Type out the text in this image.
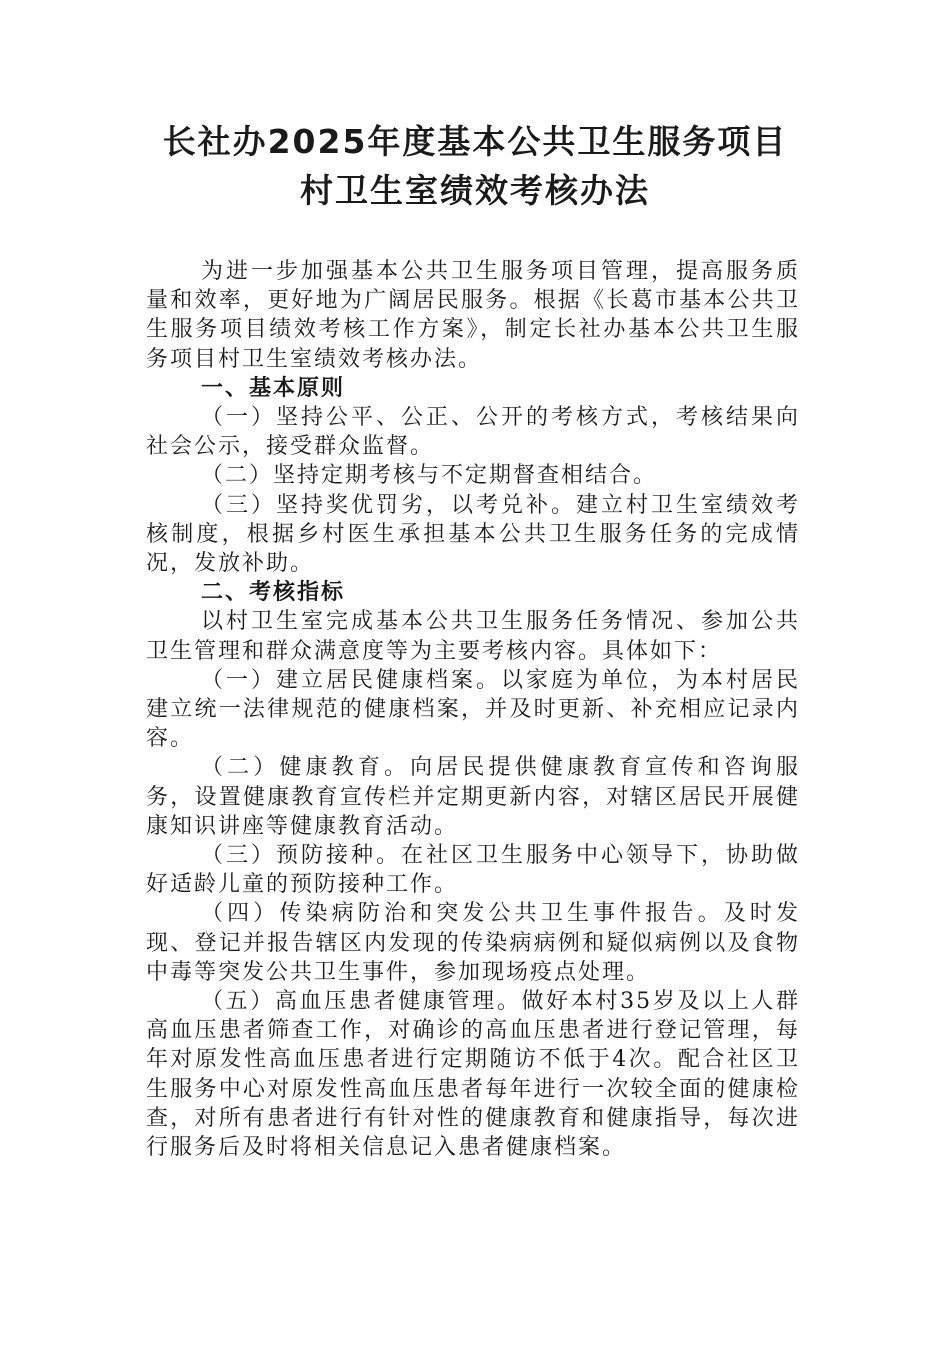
长社办2025年度基本公共卫生服务项目
村卫生室绩效考核办法

为进一步加强基本公共卫生服务项目管理，提高服务质量和效率，更好地为广阔居民服务。根据《长葛市基本公共卫生服务项目绩效考核工作方案》，制定长社办基本公共卫生服务项目村卫生室绩效考核办法。

一、基本原则

（一）坚持公平、公正、公开的考核方式，考核结果向社会公示，接受群众监督。

（二）坚持定期考核与不定期督查相结合。

（三）坚持奖优罚劣，以考兑补。建立村卫生室绩效考核制度，根据乡村医生承担基本公共卫生服务任务的完成情况，发放补助。

二、考核指标

以村卫生室完成基本公共卫生服务任务情况、参加公共卫生管理和群众满意度等为主要考核内容。具体如下：

（一）建立居民健康档案。以家庭为单位，为本村居民建立统一法律规范的健康档案，并及时更新、补充相应记录内容。

（二）健康教育。向居民提供健康教育宣传和咨询服务，设置健康教育宣传栏并定期更新内容，对辖区居民开展健康知识讲座等健康教育活动。

（三）预防接种。在社区卫生服务中心领导下，协助做好适龄儿童的预防接种工作。

（四）传染病防治和突发公共卫生事件报告。及时发现、登记并报告辖区内发现的传染病病例和疑似病例以及食物中毒等突发公共卫生事件，参加现场疫点处理。

（五）高血压患者健康管理。做好本村35岁及以上人群高血压患者筛查工作，对确诊的高血压患者进行登记管理，每年对原发性高血压患者进行定期随访不低于4次。配合社区卫生服务中心对原发性高血压患者每年进行一次较全面的健康检查，对所有患者进行有针对性的健康教育和健康指导，每次进行服务后及时将相关信息记入患者健康档案。
